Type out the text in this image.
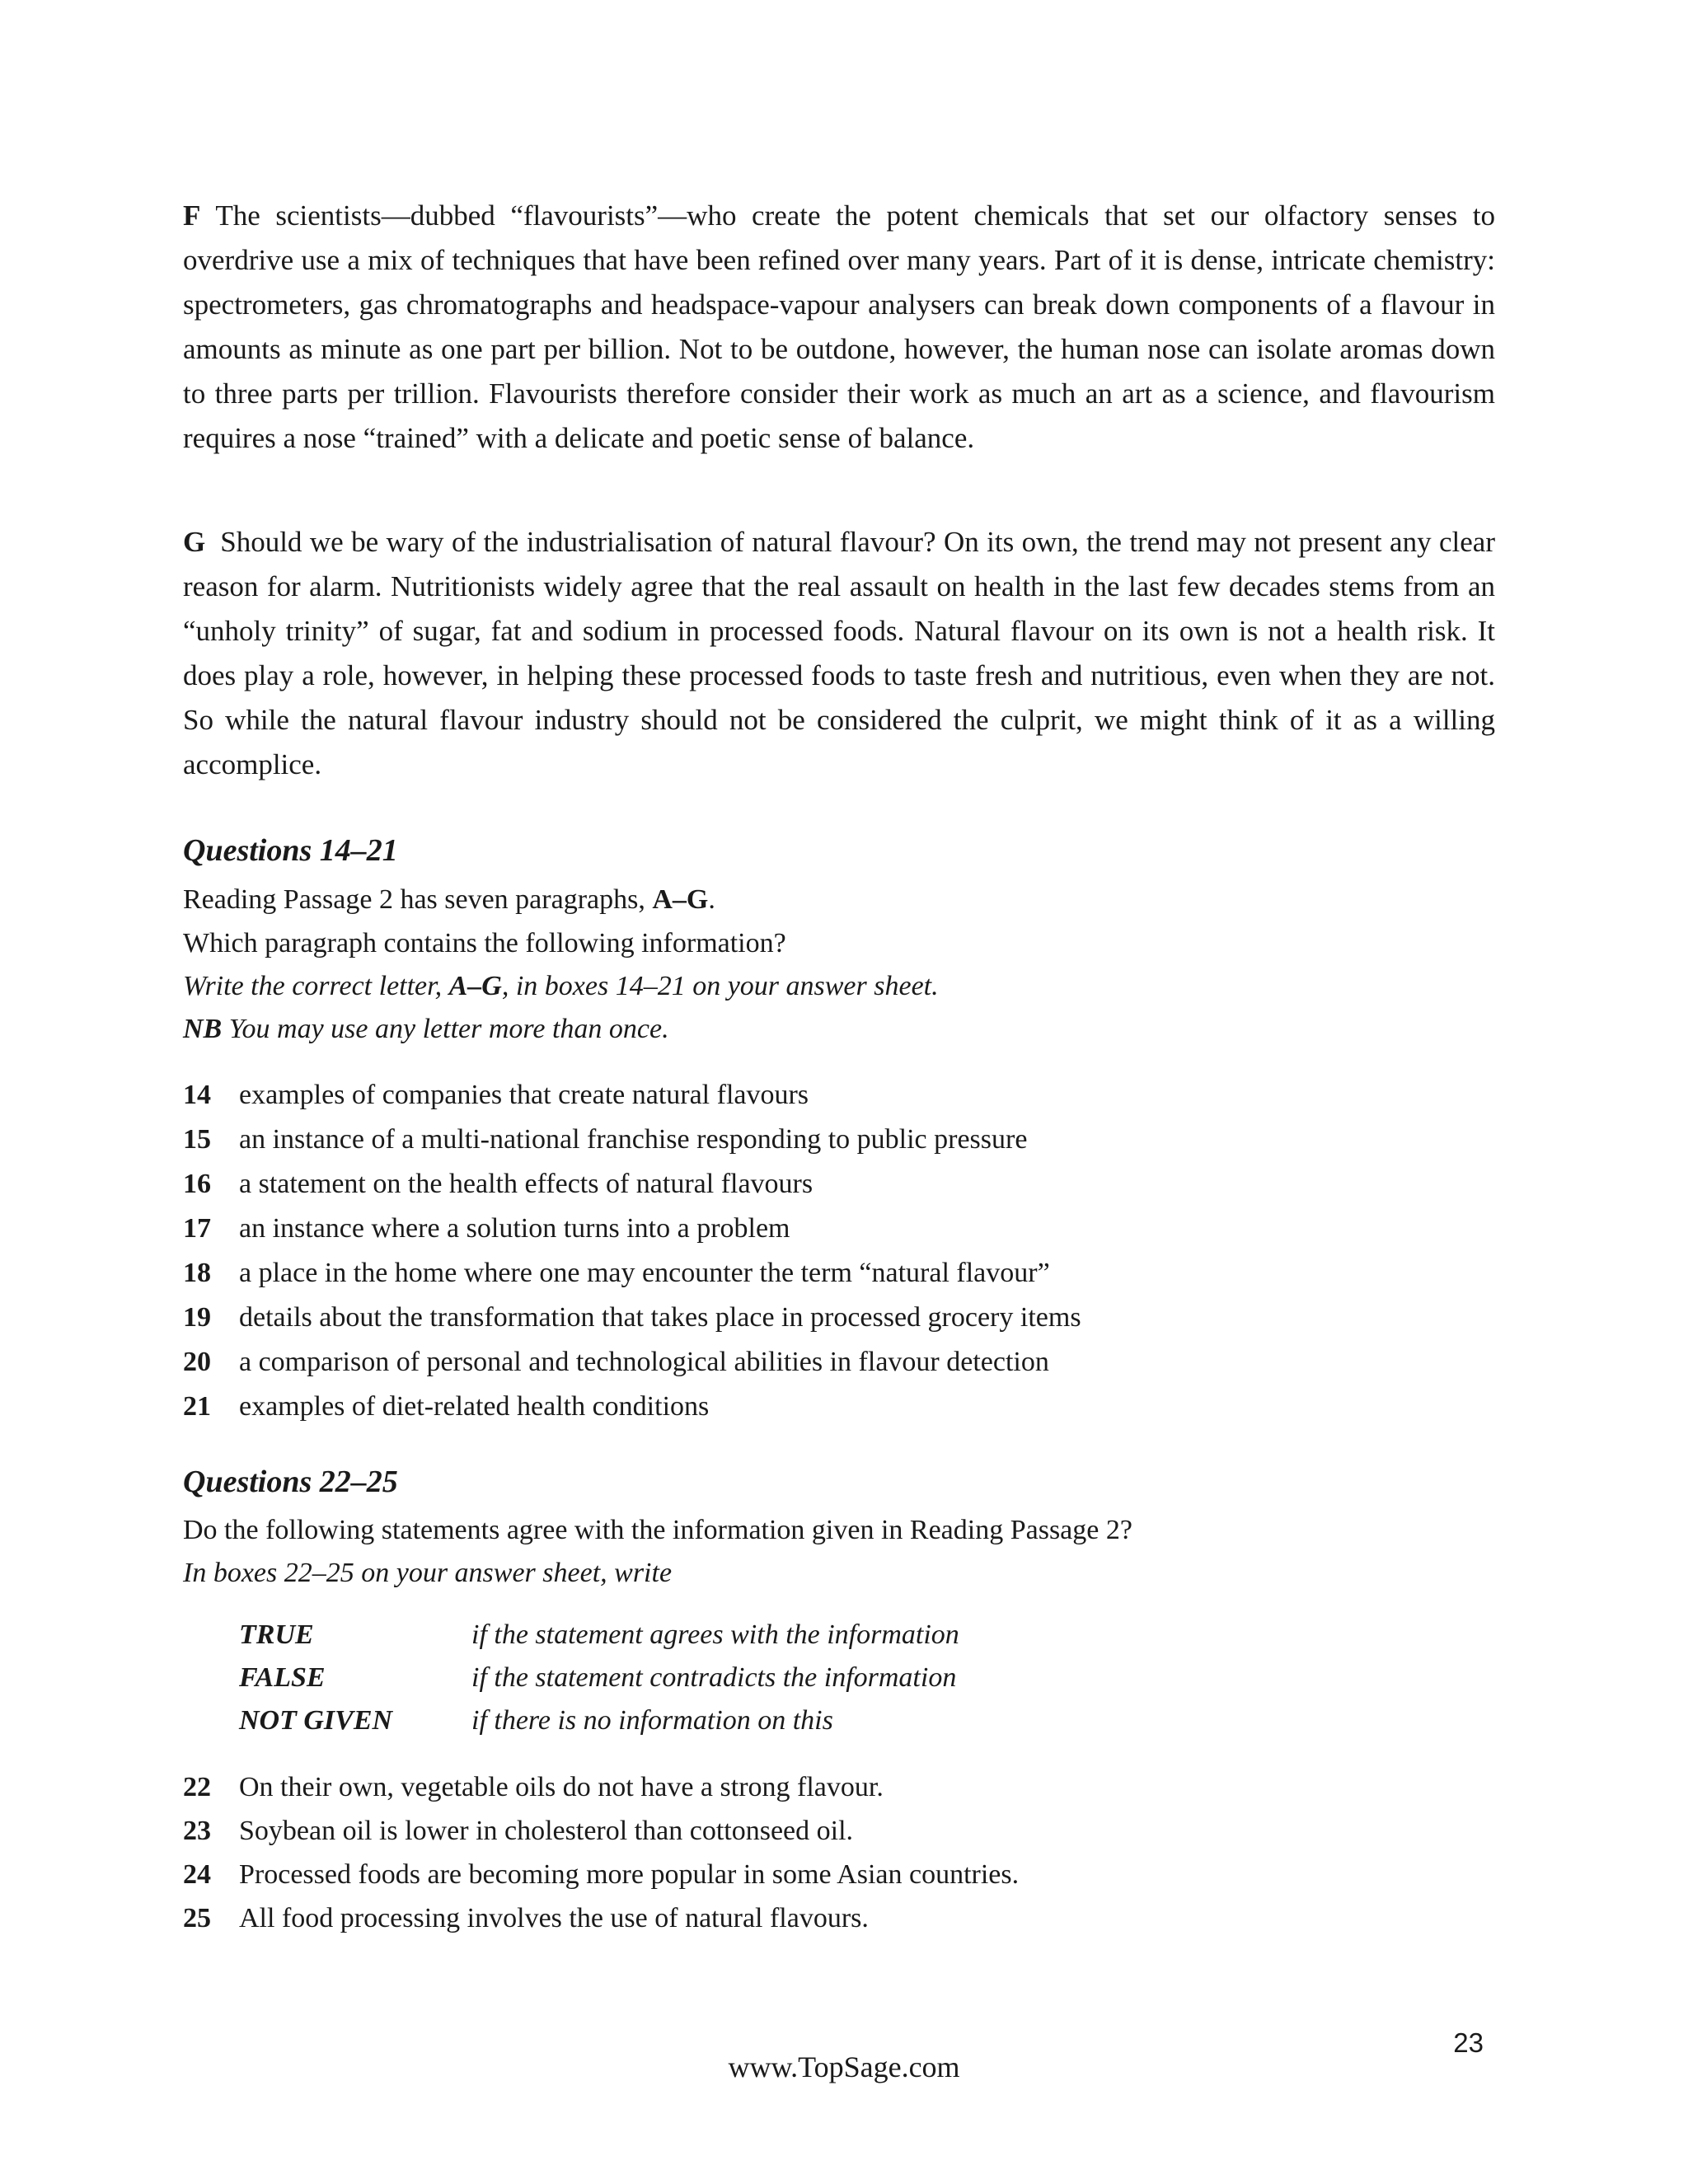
F The scientists—dubbed “flavourists”—who create the potent chemicals that set our olfactory senses to overdrive use a mix of techniques that have been refined over many years. Part of it is dense, intricate chemistry: spectrometers, gas chromatographs and headspace-vapour analysers can break down components of a flavour in amounts as minute as one part per billion. Not to be outdone, however, the human nose can isolate aromas down to three parts per trillion. Flavourists therefore consider their work as much an art as a science, and flavourism requires a nose “trained” with a delicate and poetic sense of balance.

G Should we be wary of the industrialisation of natural flavour? On its own, the trend may not present any clear reason for alarm. Nutritionists widely agree that the real assault on health in the last few decades stems from an “unholy trinity” of sugar, fat and sodium in processed foods. Natural flavour on its own is not a health risk. It does play a role, however, in helping these processed foods to taste fresh and nutritious, even when they are not. So while the natural flavour industry should not be considered the culprit, we might think of it as a willing accomplice.

Questions 14–21

Reading Passage 2 has seven paragraphs, A–G.

Which paragraph contains the following information?

Write the correct letter, A–G, in boxes 14–21 on your answer sheet.

NB You may use any letter more than once.

14	examples of companies that create natural flavours
15	an instance of a multi-national franchise responding to public pressure
16	a statement on the health effects of natural flavours
17	an instance where a solution turns into a problem
18	a place in the home where one may encounter the term “natural flavour”
19	details about the transformation that takes place in processed grocery items
20	a comparison of personal and technological abilities in flavour detection
21	examples of diet-related health conditions
Questions 22–25

Do the following statements agree with the information given in Reading Passage 2?

In boxes 22–25 on your answer sheet, write

TRUE	if the statement agrees with the information
FALSE	if the statement contradicts the information
NOT GIVEN	if there is no information on this
22	On their own, vegetable oils do not have a strong flavour.
23	Soybean oil is lower in cholesterol than cottonseed oil.
24	Processed foods are becoming more popular in some Asian countries.
25	All food processing involves the use of natural flavours.
23
www.TopSage.com
